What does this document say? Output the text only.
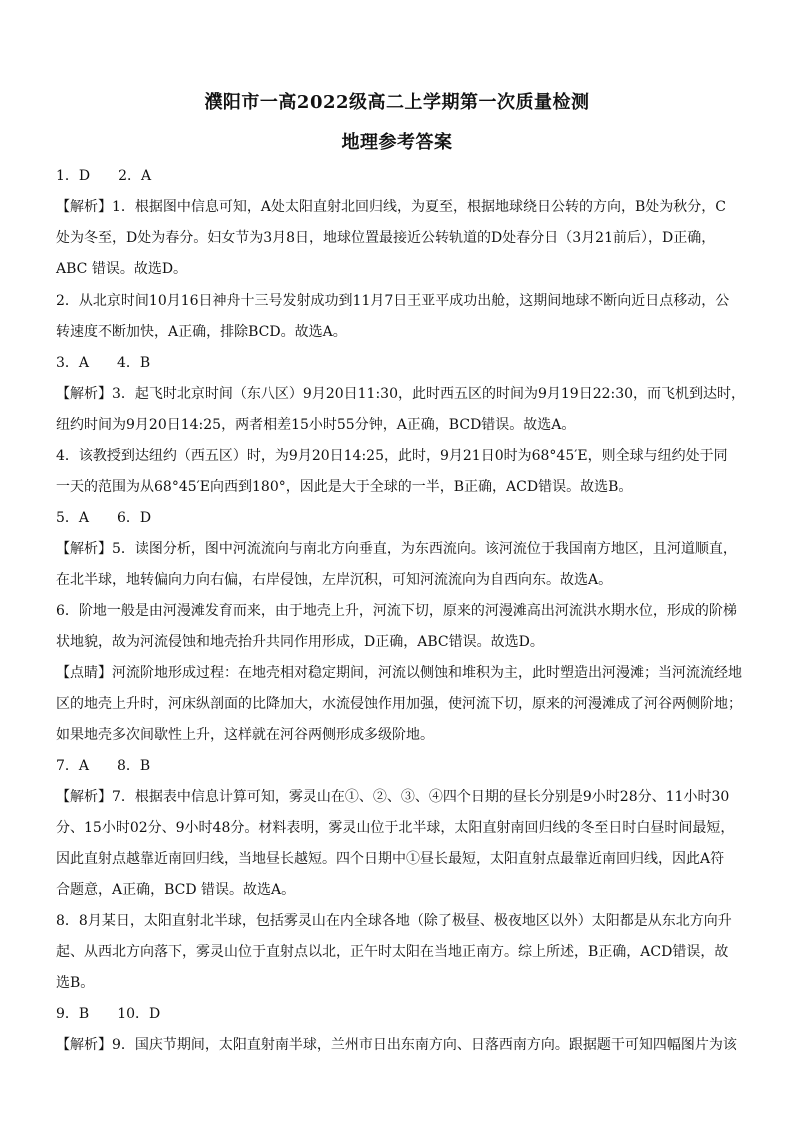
濮阳市一高2022级高二上学期第一次质量检测
地理参考答案
1．D　　2．A
【解析】1．根据图中信息可知，A处太阳直射北回归线，为夏至，根据地球绕日公转的方向，B处为秋分，C
处为冬至，D处为春分。妇女节为3月8日，地球位置最接近公转轨道的D处春分日（3月21前后），D正确，
ABC 错误。故选D。
2．从北京时间10月16日神舟十三号发射成功到11月7日王亚平成功出舱，这期间地球不断向近日点移动，公
转速度不断加快，A正确，排除BCD。故选A。
3．A　　4．B
【解析】3．起飞时北京时间（东八区）9月20日11:30，此时西五区的时间为9月19日22:30，而飞机到达时，
纽约时间为9月20日14:25，两者相差15小时55分钟，A正确，BCD错误。故选A。
4．该教授到达纽约（西五区）时，为9月20日14:25，此时，9月21日0时为68°45′E，则全球与纽约处于同
一天的范围为从68°45′E向西到180°，因此是大于全球的一半，B正确，ACD错误。故选B。
5．A　　6．D
【解析】5．读图分析，图中河流流向与南北方向垂直，为东西流向。该河流位于我国南方地区，且河道顺直，
在北半球，地转偏向力向右偏，右岸侵蚀，左岸沉积，可知河流流向为自西向东。故选A。
6．阶地一般是由河漫滩发育而来，由于地壳上升，河流下切，原来的河漫滩高出河流洪水期水位，形成的阶梯
状地貌，故为河流侵蚀和地壳抬升共同作用形成，D正确，ABC错误。故选D。
【点睛】河流阶地形成过程：在地壳相对稳定期间，河流以侧蚀和堆积为主，此时塑造出河漫滩；当河流流经地
区的地壳上升时，河床纵剖面的比降加大，水流侵蚀作用加强，使河流下切，原来的河漫滩成了河谷两侧阶地；
如果地壳多次间歇性上升，这样就在河谷两侧形成多级阶地。
7．A　　8．B
【解析】7．根据表中信息计算可知，雾灵山在①、②、③、④四个日期的昼长分别是9小时28分、11小时30
分、15小时02分、9小时48分。材料表明，雾灵山位于北半球，太阳直射南回归线的冬至日时白昼时间最短，
因此直射点越靠近南回归线，当地昼长越短。四个日期中①昼长最短，太阳直射点最靠近南回归线，因此A符
合题意，A正确，BCD 错误。故选A。
8．8月某日，太阳直射北半球，包括雾灵山在内全球各地（除了极昼、极夜地区以外）太阳都是从东北方向升
起、从西北方向落下，雾灵山位于直射点以北，正午时太阳在当地正南方。综上所述，B正确，ACD错误，故
选B。
9．B　　10．D
【解析】9．国庆节期间，太阳直射南半球，兰州市日出东南方向、日落西南方向。跟据题干可知四幅图片为该
